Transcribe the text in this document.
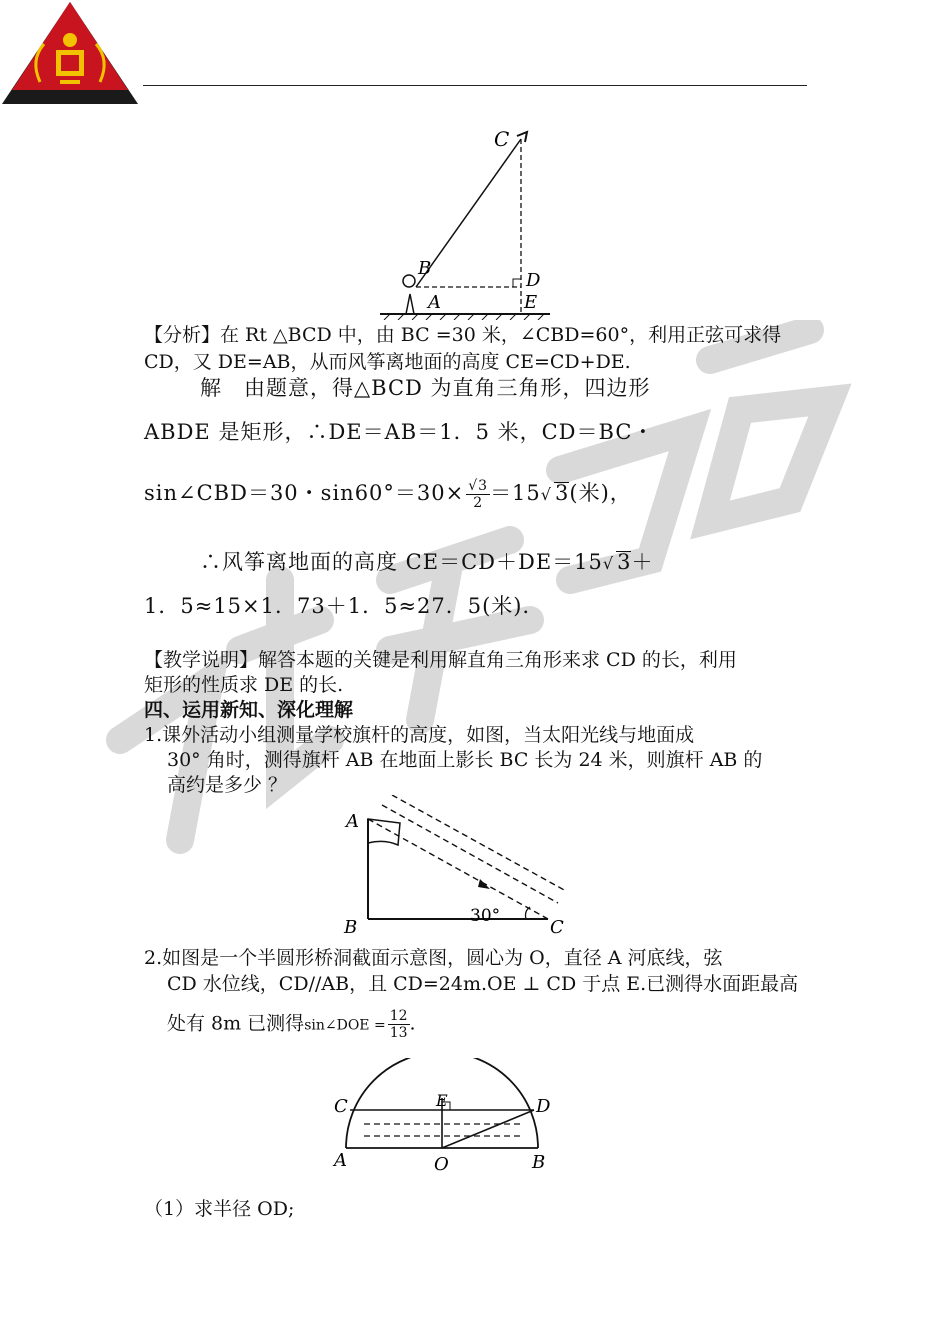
C
B
D
A	E
【分析】在 Rt △BCD 中，由 BC =30 米，∠CBD=60°，利用正弦可求得
CD，又 DE=AB，从而风筝离地面的高度 CE=CD+DE.
解　由题意，得△BCD 为直角三角形，四边形
ABDE 是矩形，∴DE＝AB＝1．5 米，CD＝BC・
sin∠CBD＝30・$\sin 60^\circ=30\times \frac{√3}{2} =15√$ 3(米)，
∴风筝离地面的高度 CE＝CD＋DE＝15√ 3＋
1．5≈15×1．73＋1．5≈27．5(米)．
【教学说明】解答本题的关键是利用解直角三角形来求 CD 的长，利用
矩形的性质求 DE 的长.
四、运用新知、深化理解
1.课外活动小组测量学校旗杆的高度，如图，当太阳光线与地面成
30° 角时，测得旗杆 AB 在地面上影长 BC 长为 24 米，则旗杆 AB 的
高约是多少 ？
A
B	C
30°
2.如图是一个半圆形桥洞截面示意图，圆心为 O，直径 A 河底线，弦
CD 水位线，CD//AB，且 CD=24m.OE ⊥ CD 于点 E.已测得水面距最高
处有 8m 已测得sin∠DOE = $\frac{12}{13}$ .
C	E	D
A	O	B
（1）求半径 OD;
